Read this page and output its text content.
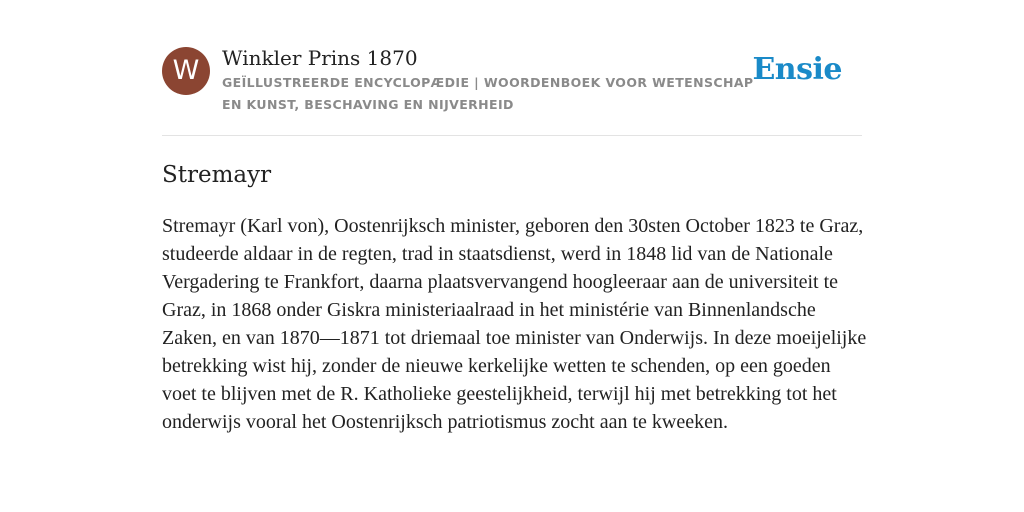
W	Winkler Prins 1870
GEÏLLUSTREERDE ENCYCLOPÆDIE | WOORDENBOEK VOOR WETENSCHAP EN KUNST, BESCHAVING EN NIJVERHEID
Ensie
Stremayr

Stremayr (Karl von), Oostenrijksch minister, geboren den 30sten October 1823 te Graz, studeerde aldaar in de regten, trad in staatsdienst, werd in 1848 lid van de Nationale Vergadering te Frankfort, daarna plaatsvervangend hoogleeraar aan de universiteit te Graz, in 1868 onder Giskra ministeriaalraad in het ministérie van Binnenlandsche Zaken, en van 1870—1871 tot driemaal toe minister van Onderwijs. In deze moeijelijke betrekking wist hij, zonder de nieuwe kerkelijke wetten te schenden, op een goeden voet te blijven met de R. Katholieke geestelijkheid, terwijl hij met betrekking tot het onderwijs vooral het Oostenrijksch patriotismus zocht aan te kweeken.
